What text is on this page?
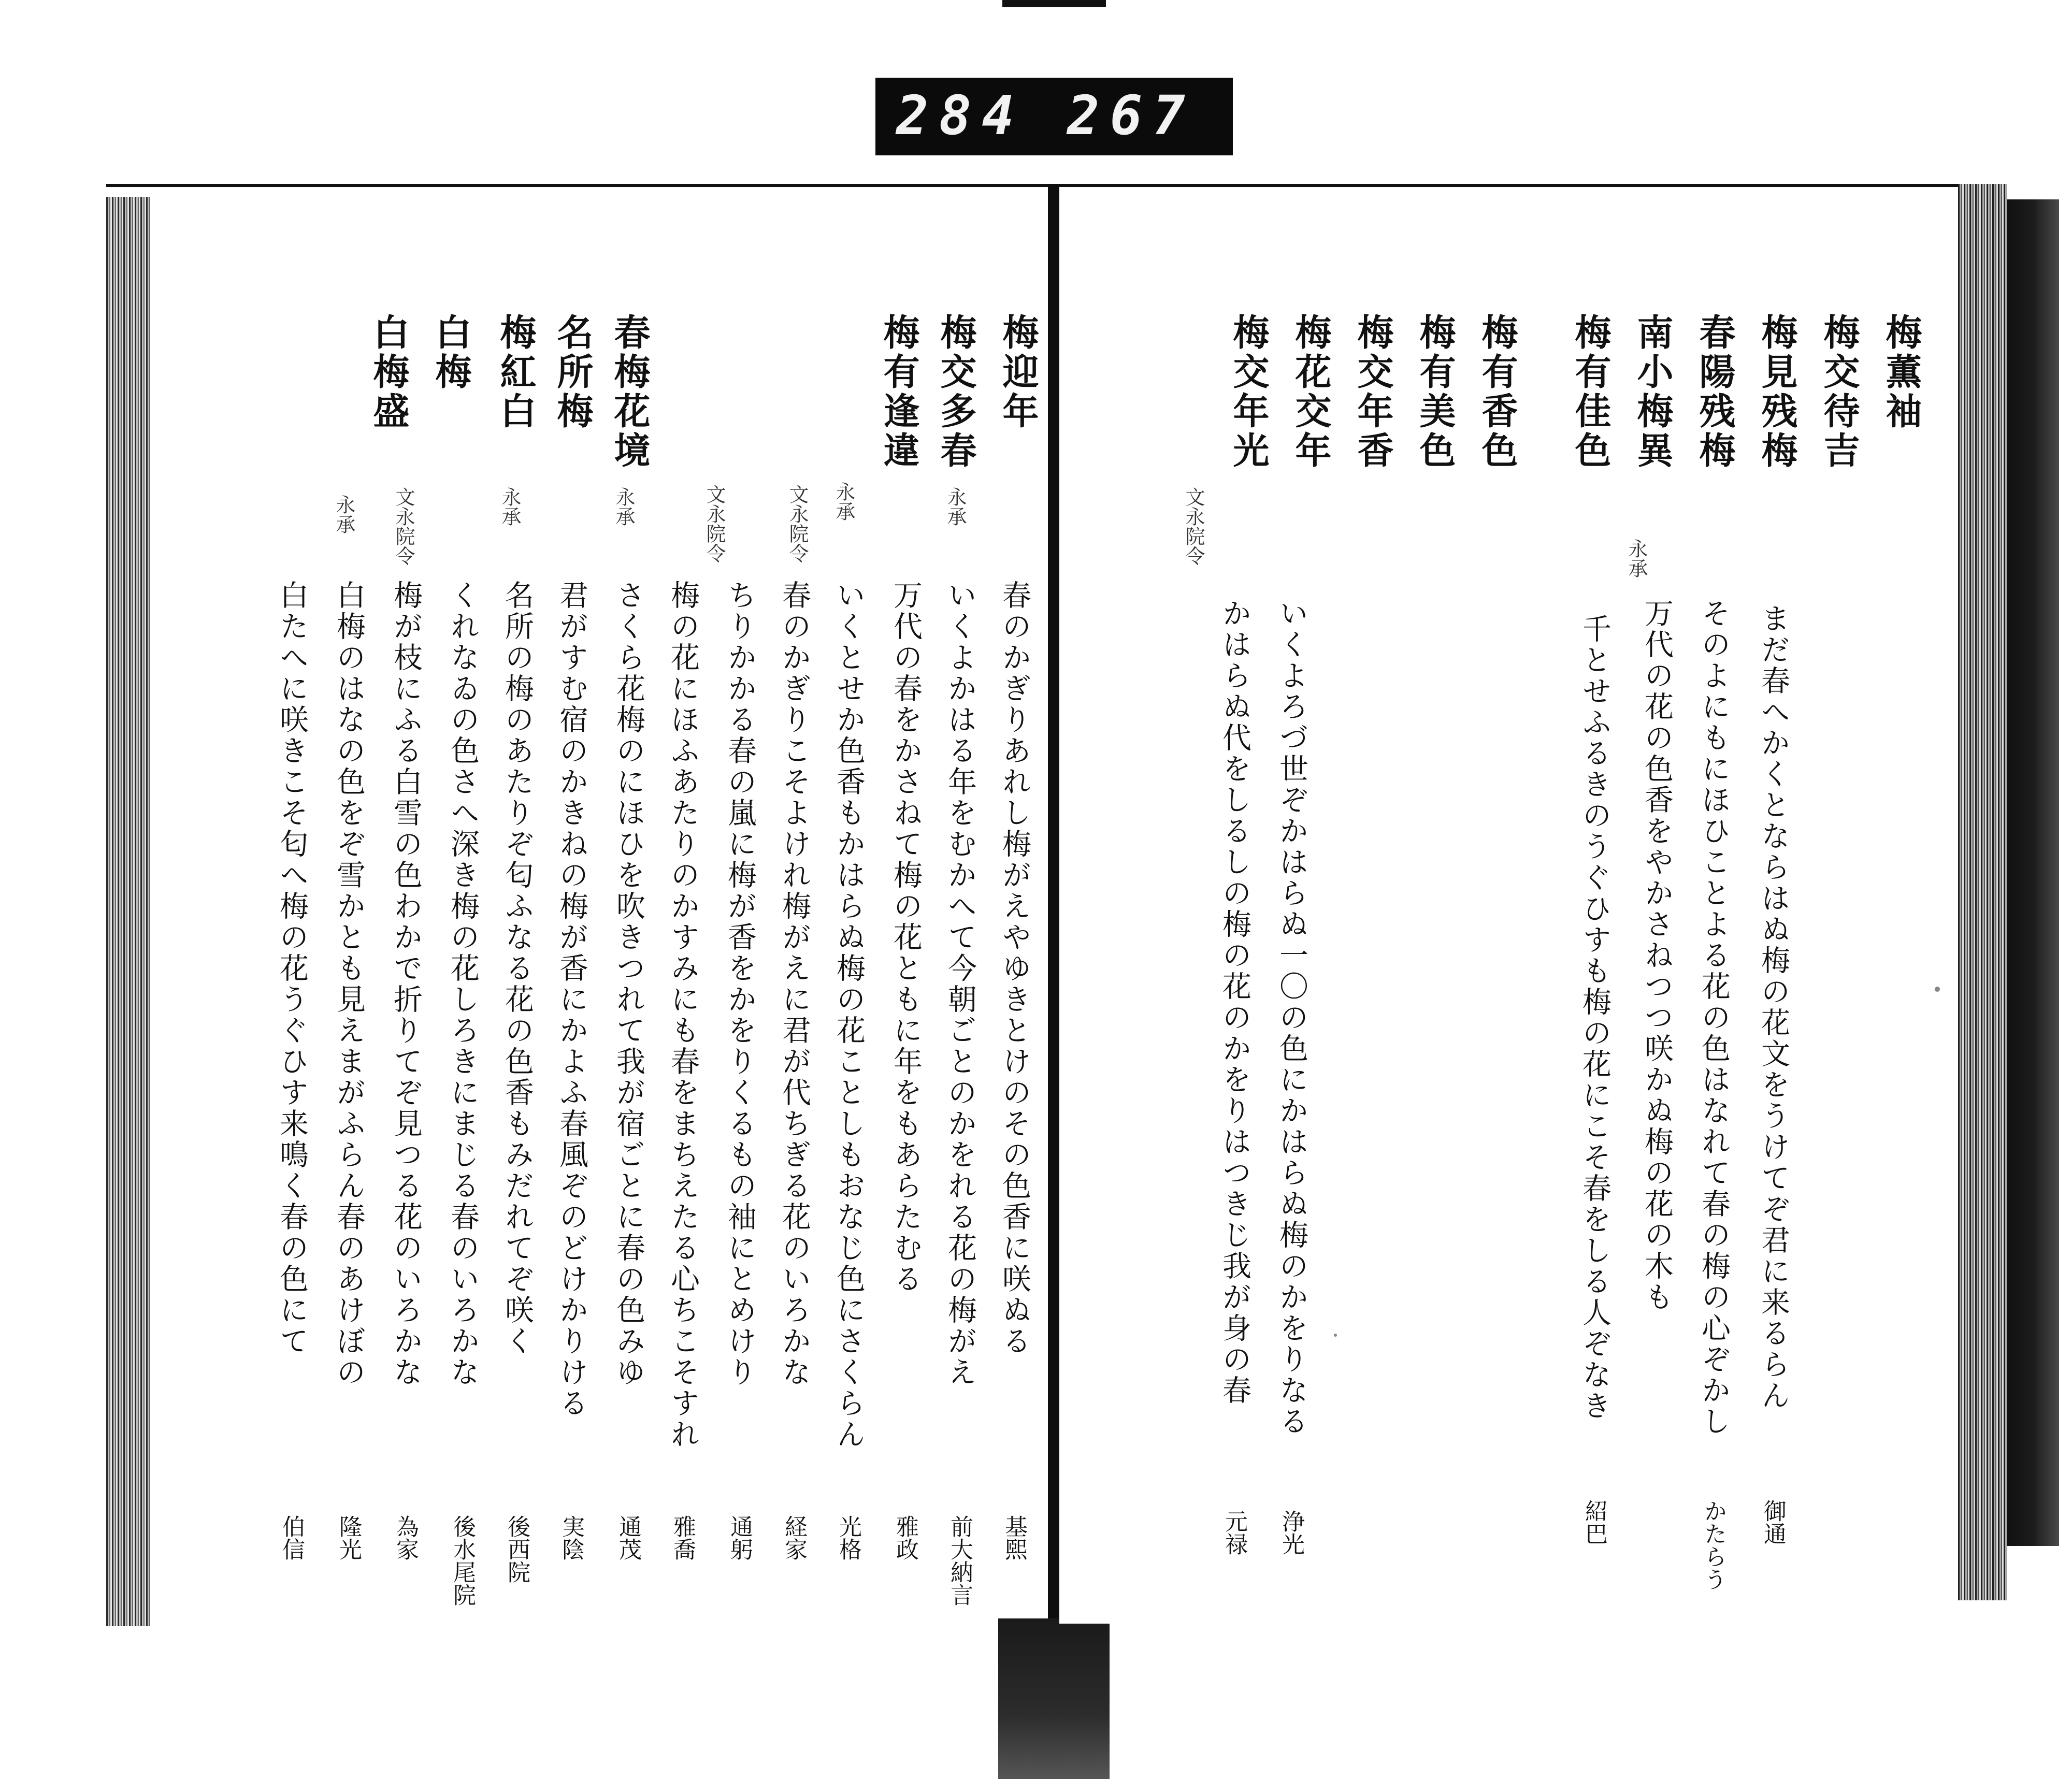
284 267
梅迎年
梅交多春
梅有逢違
春梅花境
名所梅
梅紅白
白梅
白梅盛
永承
永承
文永院令
文永院令
永承
永承
文永院令
永承
春のかぎりあれし梅がえやゆきとけのその色香に咲ぬる
基煕
いくよかはる年をむかへて今朝ごとのかをれる花の梅がえ
前大納言
万代の春をかさねて梅の花ともに年をもあらたむる
雅政
いくとせか色香もかはらぬ梅の花ことしもおなじ色にさくらん
光格
春のかぎりこそよけれ梅がえに君が代ちぎる花のいろかな
経家
ちりかかる春の嵐に梅が香をかをりくるもの袖にとめけり
通躬
梅の花にほふあたりのかすみにも春をまちえたる心ちこそすれ
雅喬
さくら花梅のにほひを吹きつれて我が宿ごとに春の色みゆ
通茂
君がすむ宿のかきねの梅が香にかよふ春風ぞのどけかりける
実陰
名所の梅のあたりぞ匂ふなる花の色香もみだれてぞ咲く
後西院
くれなゐの色さへ深き梅の花しろきにまじる春のいろかな
後水尾院
梅が枝にふる白雪の色わかで折りてぞ見つる花のいろかな
為家
白梅のはなの色をぞ雪かとも見えまがふらん春のあけぼの
隆光
白たへに咲きこそ匂へ梅の花うぐひす来鳴く春の色にて
伯信
梅薫袖
梅交待吉
梅見残梅
春陽残梅
南小梅異
梅有佳色
梅有香色
梅有美色
梅交年香
梅花交年
梅交年光
永承
文永院令
まだ春へかくとならはぬ梅の花文をうけてぞ君に来るらん
御通
そのよにもにほひことよる花の色はなれて春の梅の心ぞかし
かたらう
万代の花の色香をやかさねつつ咲かぬ梅の花の木も
千とせふるきのうぐひすも梅の花にこそ春をしる人ぞなき
紹巴
いくよろづ世ぞかはらぬ一〇の色にかはらぬ梅のかをりなる
浄光
かはらぬ代をしるしの梅の花のかをりはつきじ我が身の春
元禄
